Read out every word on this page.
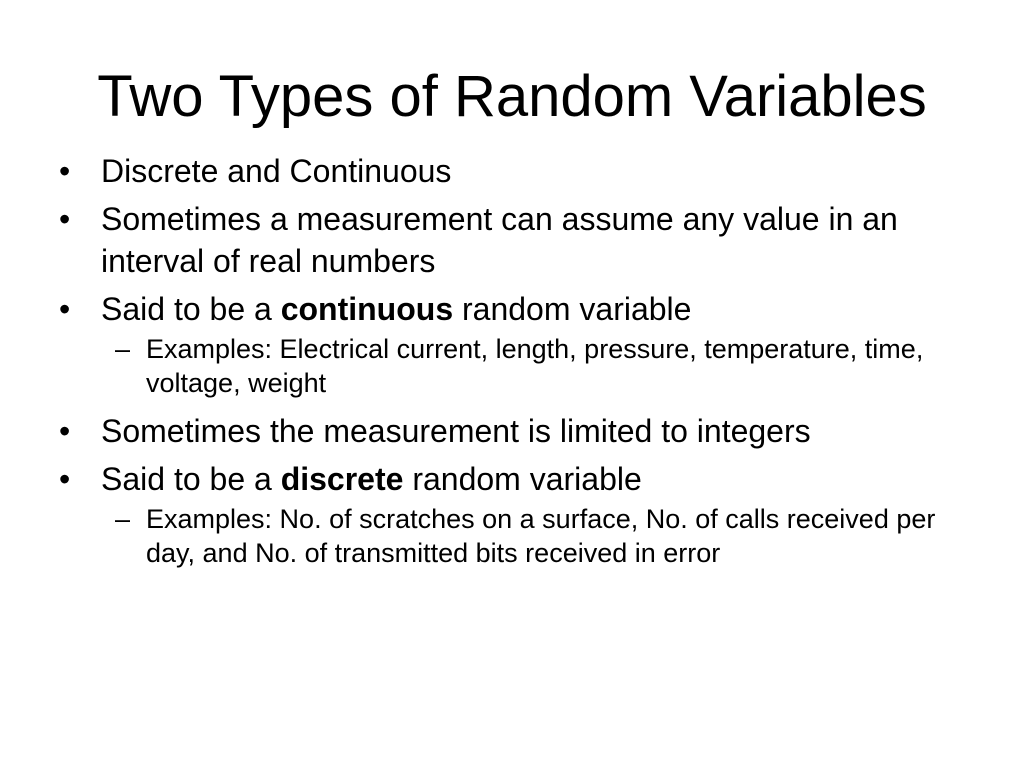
Two Types of Random Variables
• Discrete and Continuous
• Sometimes a measurement can assume any value in an interval of real numbers
• Said to be a continuous random variable
– Examples: Electrical current, length, pressure, temperature, time, voltage, weight
• Sometimes the measurement is limited to integers
• Said to be a discrete random variable
– Examples: No. of scratches on a surface, No. of calls received per day, and No. of transmitted bits received in error
